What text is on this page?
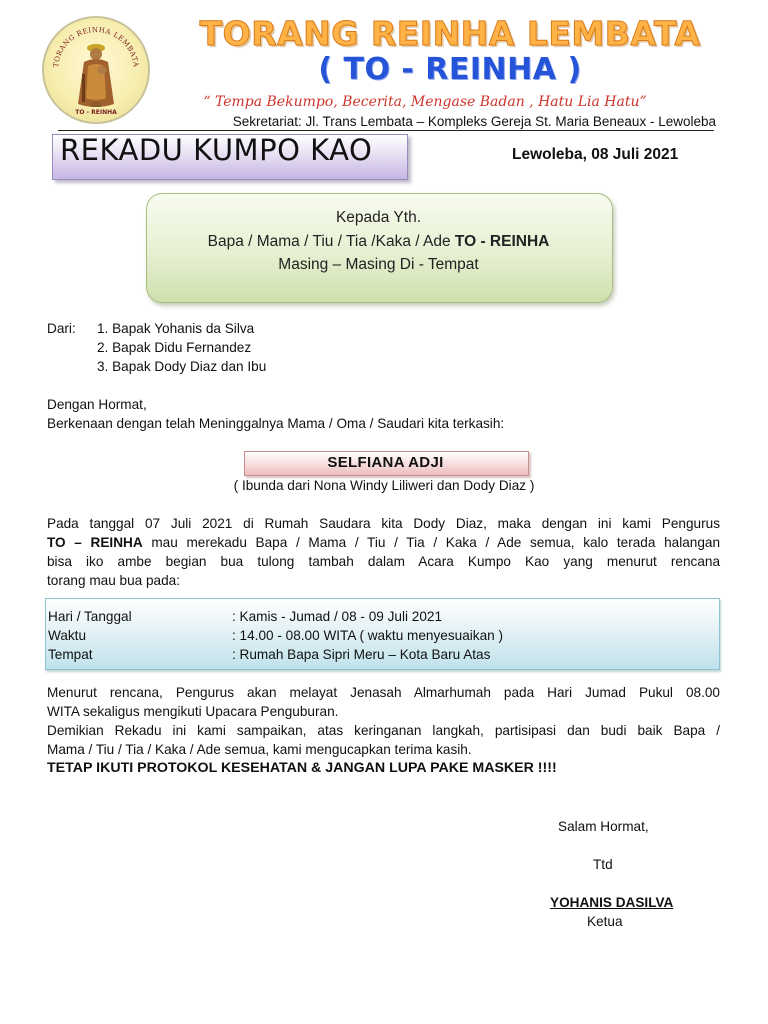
TORANG REINHA LEMBATA
TO - REINHA
TORANG REINHA LEMBATA
( TO - REINHA )
“ Tempa Bekumpo, Becerita, Mengase Badan , Hatu Lia Hatu”
Sekretariat: Jl. Trans Lembata – Kompleks Gereja St. Maria Beneaux - Lewoleba
REKADU KUMPO KAO	Lewoleba, 08 Juli 2021
Kepada Yth.
Bapa / Mama / Tiu / Tia /Kaka / Ade TO - REINHA
Masing – Masing Di - Tempat
Dari: 1. Bapak Yohanis da Silva
2. Bapak Didu Fernandez
3. Bapak Dody Diaz dan Ibu
Dengan Hormat,
Berkenaan dengan telah Meninggalnya Mama / Oma / Saudari kita terkasih:
SELFIANA ADJI
( Ibunda dari Nona Windy Liliweri dan Dody Diaz )
Pada tanggal 07 Juli 2021 di Rumah Saudara kita Dody Diaz, maka dengan ini kami Pengurus
TO – REINHA mau merekadu Bapa / Mama / Tiu / Tia / Kaka / Ade semua, kalo terada halangan
bisa iko ambe begian bua tulong tambah dalam Acara Kumpo Kao yang menurut rencana
torang mau bua pada:
Hari / Tanggal	: Kamis - Jumad / 08 - 09 Juli 2021
Waktu	: 14.00 - 08.00 WITA ( waktu menyesuaikan )
Tempat	: Rumah Bapa Sipri Meru – Kota Baru Atas
Menurut rencana, Pengurus akan melayat Jenasah Almarhumah pada Hari Jumad Pukul 08.00
WITA sekaligus mengikuti Upacara Penguburan.
Demikian Rekadu ini kami sampaikan, atas keringanan langkah, partisipasi dan budi baik Bapa /
Mama / Tiu / Tia / Kaka / Ade semua, kami mengucapkan terima kasih.
TETAP IKUTI PROTOKOL KESEHATAN & JANGAN LUPA PAKE MASKER !!!!
Salam Hormat,
Ttd
YOHANIS DASILVA
Ketua
